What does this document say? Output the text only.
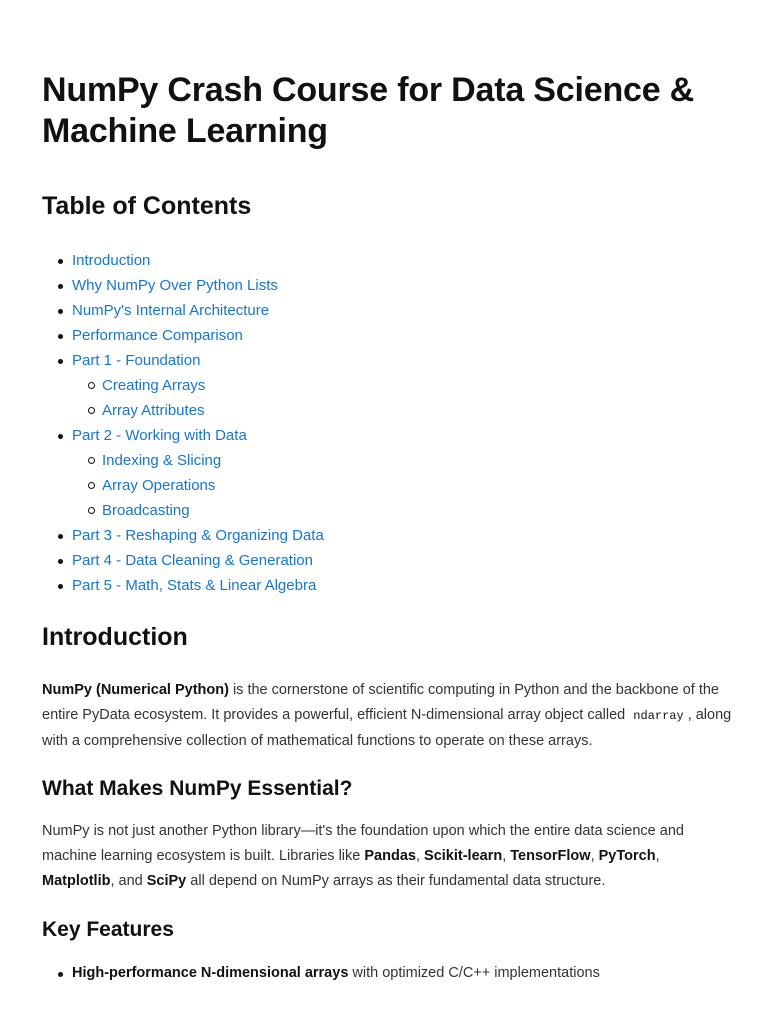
NumPy Crash Course for Data Science & Machine Learning
Table of Contents
Introduction
Why NumPy Over Python Lists
NumPy's Internal Architecture
Performance Comparison
Part 1 - Foundation
Creating Arrays
Array Attributes
Part 2 - Working with Data
Indexing & Slicing
Array Operations
Broadcasting
Part 3 - Reshaping & Organizing Data
Part 4 - Data Cleaning & Generation
Part 5 - Math, Stats & Linear Algebra
Introduction

NumPy (Numerical Python) is the cornerstone of scientific computing in Python and the backbone of the entire PyData ecosystem. It provides a powerful, efficient N-dimensional array object called ndarray , along with a comprehensive collection of mathematical functions to operate on these arrays.

What Makes NumPy Essential?

NumPy is not just another Python library—it's the foundation upon which the entire data science and machine learning ecosystem is built. Libraries like Pandas, Scikit-learn, TensorFlow, PyTorch, Matplotlib, and SciPy all depend on NumPy arrays as their fundamental data structure.

Key Features
High-performance N-dimensional arrays with optimized C/C++ implementations
